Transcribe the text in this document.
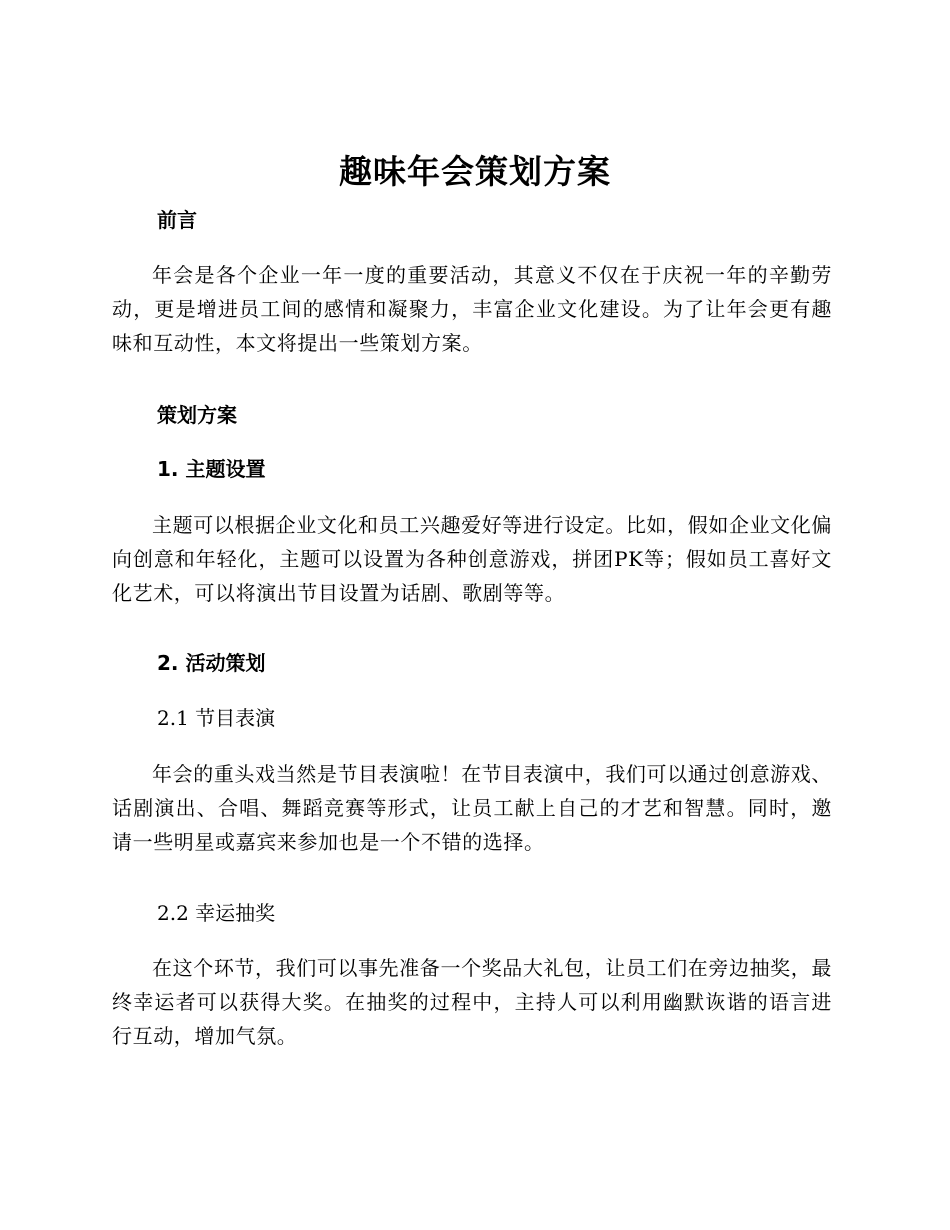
趣味年会策划方案
前言

年会是各个企业一年一度的重要活动，其意义不仅在于庆祝一年的辛勤劳动，更是增进员工间的感情和凝聚力，丰富企业文化建设。为了让年会更有趣味和互动性，本文将提出一些策划方案。

策划方案
1. 主题设置

主题可以根据企业文化和员工兴趣爱好等进行设定。比如，假如企业文化偏向创意和年轻化，主题可以设置为各种创意游戏，拼团PK等；假如员工喜好文化艺术，可以将演出节目设置为话剧、歌剧等等。

2. 活动策划
2.1 节目表演

年会的重头戏当然是节目表演啦！在节目表演中，我们可以通过创意游戏、话剧演出、合唱、舞蹈竞赛等形式，让员工献上自己的才艺和智慧。同时，邀请一些明星或嘉宾来参加也是一个不错的选择。

2.2 幸运抽奖

在这个环节，我们可以事先准备一个奖品大礼包，让员工们在旁边抽奖，最终幸运者可以获得大奖。在抽奖的过程中，主持人可以利用幽默诙谐的语言进行互动，增加气氛。
